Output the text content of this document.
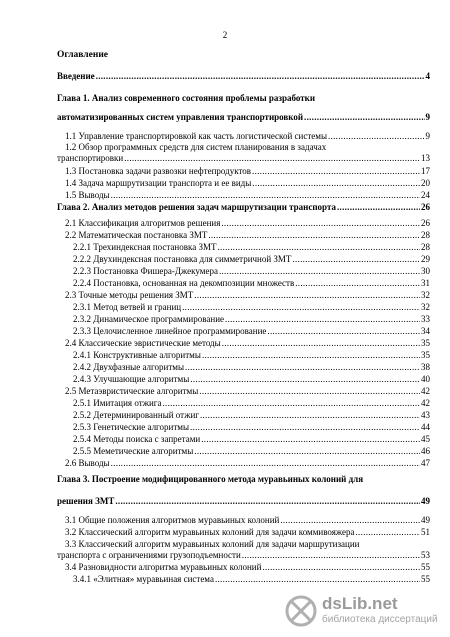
2
Оглавление
Введение .....	4
Глава 1. Анализ современного состояния проблемы разработки
автоматизированных систем управления транспортировкой .....	9
1.1 Управление транспортировкой как часть логистической системы .....	9
1.2 Обзор программных средств для систем планирования в задачах
транспортировки .....	13
1.3 Постановка задачи развозки нефтепродуктов .....	17
1.4 Задача маршрутизации транспорта и ее виды .....	20
1.5 Выводы .....	24
Глава 2. Анализ методов решения задач маршрутизации транспорта .....	26
2.1 Классификация алгоритмов решения .....	26
2.2 Математическая постановка ЗМТ .....	28
2.2.1 Трехиндексная постановка ЗМТ .....	28
2.2.2 Двухиндексная постановка для симметричной ЗМТ .....	29
2.2.3 Постановка Фишера-Джекумера .....	30
2.2.4 Постановка, основанная на декомпозиции множеств .....	31
2.3 Точные методы решения ЗМТ .....	32
2.3.1 Метод ветвей и границ .....	32
2.3.2 Динамическое программирование .....	33
2.3.3 Целочисленное линейное программирование .....	34
2.4 Классические эвристические методы .....	35
2.4.1 Конструктивные алгоритмы .....	35
2.4.2 Двухфазные алгоритмы .....	38
2.4.3 Улучшающие алгоритмы .....	40
2.5 Метаэвристические алгоритмы .....	42
2.5.1 Имитация отжига .....	42
2.5.2 Детерминированный отжиг .....	43
2.5.3 Генетические алгоритмы .....	44
2.5.4 Методы поиска с запретами .....	45
2.5.5 Меметические алгоритмы .....	46
2.6 Выводы .....	47
Глава 3. Построение модифицированного метода муравьиных колоний для
решения ЗМТ .....	49
3.1 Общие положения алгоритмов муравьиных колоний .....	49
3.2 Классический алгоритм муравьиных колоний для задачи коммивояжера .....	51
3.3 Классический алгоритм муравьиных колоний для задачи маршрутизации
транспорта с ограничениями грузоподъемности .....	53
3.4 Разновидности алгоритма муравьиных колоний .....	55
3.4.1 «Элитная» муравьиная система .....	55
dsLib.net
библиотека диссертаций
